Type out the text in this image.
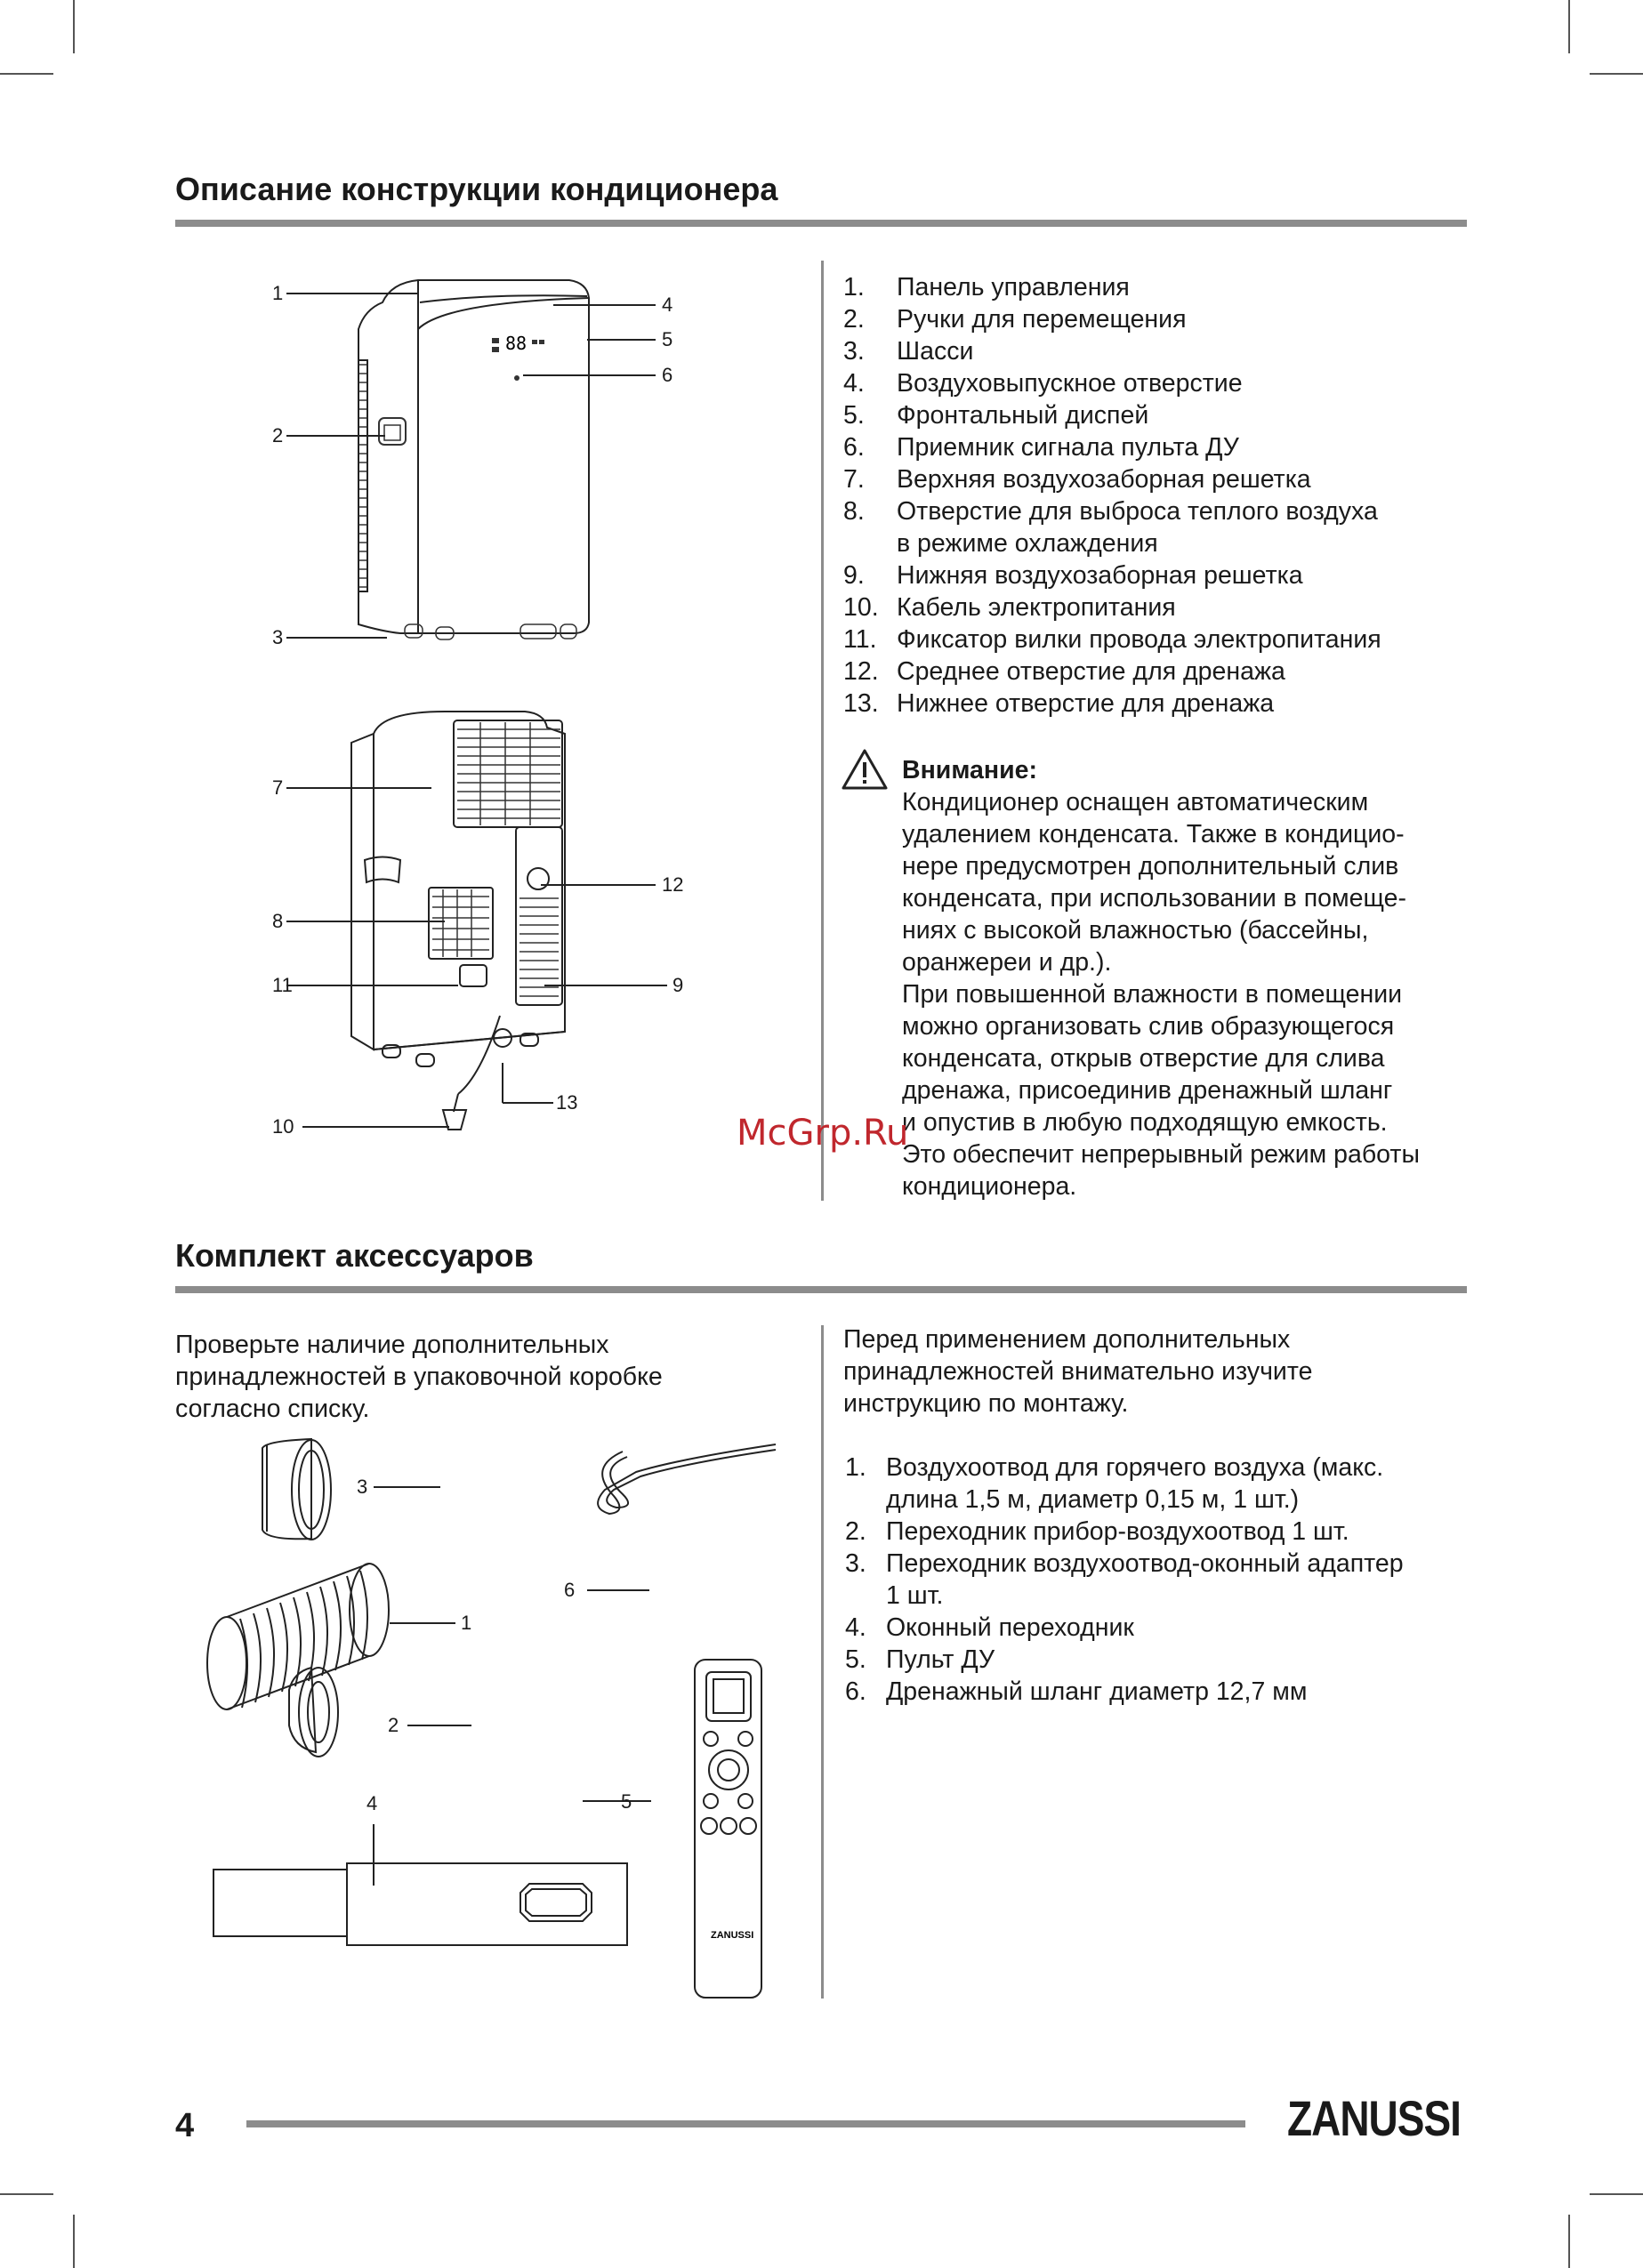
Описание конструкции кондиционера
88
1
2
3
4
5
6
7
8
9
10
11
12
13
1. Панель управления
2. Ручки для перемещения
3. Шасси
4. Воздуховыпускное отверстие
5. Фронтальный диспей
6. Приемник сигнала пульта ДУ
7. Верхняя воздухозаборная решетка
8. Отверстие для выброса теплого воздуха
в режиме охлаждения
9. Нижняя воздухозаборная решетка
10. Кабель электропитания
11. Фиксатор вилки провода электропитания
12. Среднее отверстие для дренажа
13. Нижнее отверстие для дренажа
Внимание:
Кондиционер оснащен автоматическим
удалением конденсата. Также в кондицио-
нере предусмотрен дополнительный слив
конденсата, при использовании в помеще-
ниях с высокой влажностью (бассейны,
оранжереи и др.).
При повышенной влажности в помещении
можно организовать слив образующегося
конденсата, открыв отверстие для слива
дренажа, присоединив дренажный шланг
и опустив в любую подходящую емкость.
Это обеспечит непрерывный режим работы
кондиционера.
McGrp.Ru
Комплект аксессуаров
Проверьте наличие дополнительных
принадлежностей в упаковочной коробке
согласно списку.
Перед применением дополнительных
принадлежностей внимательно изучите
инструкцию по монтажу.
1. Воздухоотвод для горячего воздуха (макс.
длина 1,5 м, диаметр 0,15 м, 1 шт.)
2. Переходник прибор-воздухоотвод 1 шт.
3. Переходник воздухоотвод-оконный адаптер
1 шт.
4. Оконный переходник
5. Пульт ДУ
6. Дренажный шланг диаметр 12,7 мм
ZANUSSI
1
2
3
4	5
6
4	ZANUSSI
